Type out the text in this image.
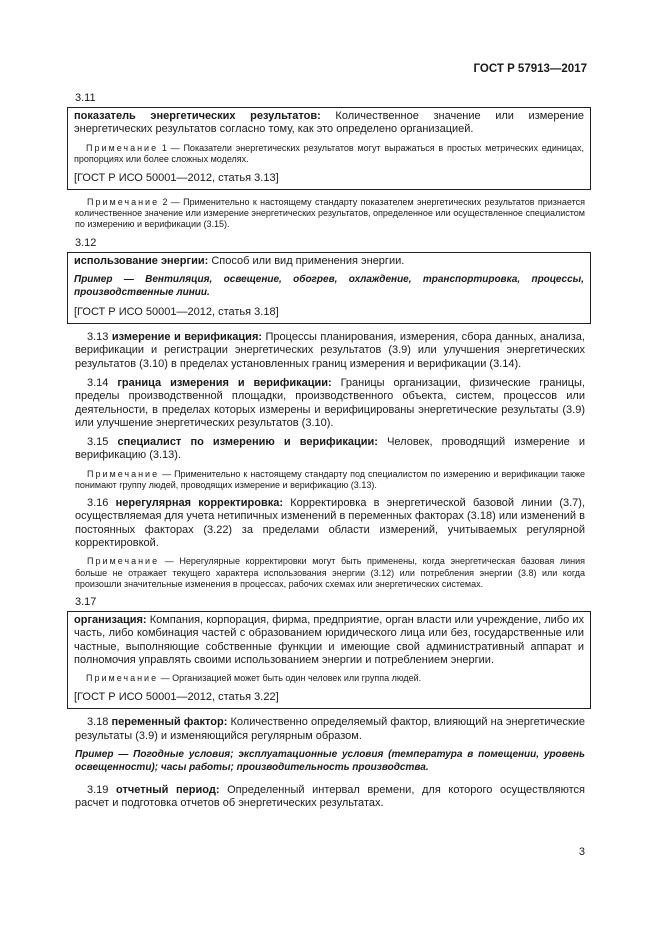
ГОСТ Р 57913—2017
3.11

показатель энергетических результатов: Количественное значение или измерение энергетических результатов согласно тому, как это определено организацией.

Примечание 1 — Показатели энергетических результатов могут выражаться в простых метрических единицах, пропорциях или более сложных моделях.

[ГОСТ Р ИСО 50001—2012, статья 3.13]

Примечание 2 — Применительно к настоящему стандарту показателем энергетических результатов признается количественное значение или измерение энергетических результатов, определенное или осуществленное специалистом по измерению и верификации (3.15).

3.12

использование энергии: Способ или вид применения энергии.

Пример — Вентиляция, освещение, обогрев, охлаждение, транспортировка, процессы, производственные линии.

[ГОСТ Р ИСО 50001—2012, статья 3.18]

3.13 измерение и верификация: Процессы планирования, измерения, сбора данных, анализа, верификации и регистрации энергетических результатов (3.9) или улучшения энергетических результатов (3.10) в пределах установленных границ измерения и верификации (3.14).

3.14 граница измерения и верификации: Границы организации, физические границы, пределы производственной площадки, производственного объекта, систем, процессов или деятельности, в пределах которых измерены и верифицированы энергетические результаты (3.9) или улучшение энергетических результатов (3.10).

3.15 специалист по измерению и верификации: Человек, проводящий измерение и верификацию (3.13).

Примечание — Применительно к настоящему стандарту под специалистом по измерению и верификации также понимают группу людей, проводящих измерение и верификацию (3.13).

3.16 нерегулярная корректировка: Корректировка в энергетической базовой линии (3.7), осуществляемая для учета нетипичных изменений в переменных факторах (3.18) или изменений в постоянных факторах (3.22) за пределами области измерений, учитываемых регулярной корректировкой.

Примечание — Нерегулярные корректировки могут быть применены, когда энергетическая базовая линия больше не отражает текущего характера использования энергии (3.12) или потребления энергии (3.8) или когда произошли значительные изменения в процессах, рабочих схемах или энергетических системах.

3.17

организация: Компания, корпорация, фирма, предприятие, орган власти или учреждение, либо их часть, либо комбинация частей с образованием юридического лица или без, государственные или частные, выполняющие собственные функции и имеющие свой административный аппарат и полномочия управлять своими использованием энергии и потреблением энергии.

Примечание — Организацией может быть один человек или группа людей.

[ГОСТ Р ИСО 50001—2012, статья 3.22]

3.18 переменный фактор: Количественно определяемый фактор, влияющий на энергетические результаты (3.9) и изменяющийся регулярным образом.

Пример — Погодные условия; эксплуатационные условия (температура в помещении, уровень освещенности); часы работы; производительность производства.

3.19 отчетный период: Определенный интервал времени, для которого осуществляются расчет и подготовка отчетов об энергетических результатах.

3
